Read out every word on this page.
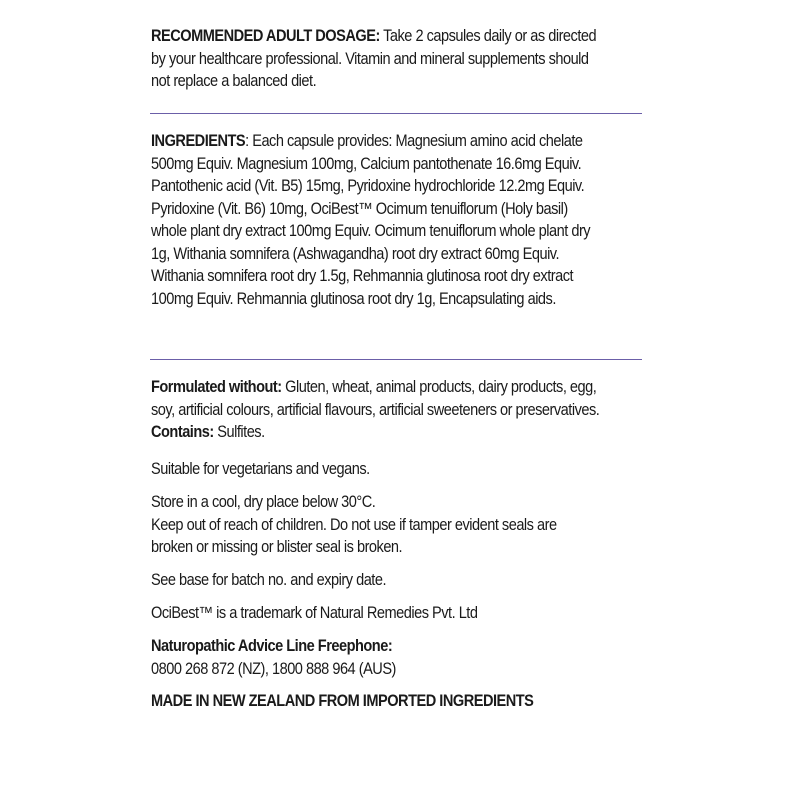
RECOMMENDED ADULT DOSAGE: Take 2 capsules daily or as directed by your healthcare professional. Vitamin and mineral supplements should not replace a balanced diet.

INGREDIENTS: Each capsule provides: Magnesium amino acid chelate 500mg Equiv. Magnesium 100mg, Calcium pantothenate 16.6mg Equiv. Pantothenic acid (Vit. B5) 15mg, Pyridoxine hydrochloride 12.2mg Equiv. Pyridoxine (Vit. B6) 10mg, OciBest™ Ocimum tenuiflorum (Holy basil) whole plant dry extract 100mg Equiv. Ocimum tenuiflorum whole plant dry 1g, Withania somnifera (Ashwagandha) root dry extract 60mg Equiv. Withania somnifera root dry 1.5g, Rehmannia glutinosa root dry extract 100mg Equiv. Rehmannia glutinosa root dry 1g, Encapsulating aids.

Formulated without: Gluten, wheat, animal products, dairy products, egg, soy, artificial colours, artificial flavours, artificial sweeteners or preservatives. Contains: Sulfites.

Suitable for vegetarians and vegans.

Store in a cool, dry place below 30°C.

Keep out of reach of children. Do not use if tamper evident seals are broken or missing or blister seal is broken.

See base for batch no. and expiry date.

OciBest™ is a trademark of Natural Remedies Pvt. Ltd

Naturopathic Advice Line Freephone:

0800 268 872 (NZ), 1800 888 964 (AUS)

MADE IN NEW ZEALAND FROM IMPORTED INGREDIENTS
